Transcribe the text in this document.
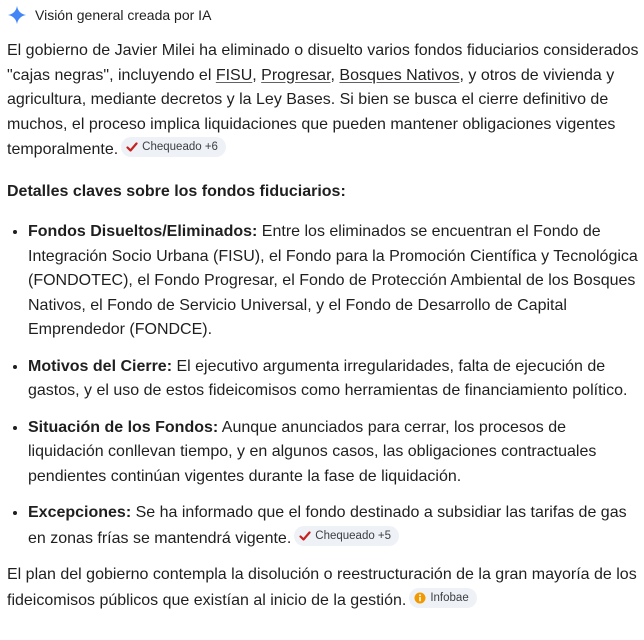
Visión general creada por IA

El gobierno de Javier Milei ha eliminado o disuelto varios fondos fiduciarios considerados "cajas negras", incluyendo el FISU, Progresar, Bosques Nativos, y otros de vivienda y agricultura, mediante decretos y la Ley Bases. Si bien se busca el cierre definitivo de muchos, el proceso implica liquidaciones que pueden mantener obligaciones vigentes temporalmente. Chequeado +6

Detalles claves sobre los fondos fiduciarios:

• Fondos Disueltos/Eliminados: Entre los eliminados se encuentran el Fondo de Integración Socio Urbana (FISU), el Fondo para la Promoción Científica y Tecnológica (FONDOTEC), el Fondo Progresar, el Fondo de Protección Ambiental de los Bosques Nativos, el Fondo de Servicio Universal, y el Fondo de Desarrollo de Capital Emprendedor (FONDCE).
• Motivos del Cierre: El ejecutivo argumenta irregularidades, falta de ejecución de gastos, y el uso de estos fideicomisos como herramientas de financiamiento político.
• Situación de los Fondos: Aunque anunciados para cerrar, los procesos de liquidación conllevan tiempo, y en algunos casos, las obligaciones contractuales pendientes continúan vigentes durante la fase de liquidación.
• Excepciones: Se ha informado que el fondo destinado a subsidiar las tarifas de gas en zonas frías se mantendrá vigente. Chequeado +5

El plan del gobierno contempla la disolución o reestructuración de la gran mayoría de los fideicomisos públicos que existían al inicio de la gestión. Infobae
